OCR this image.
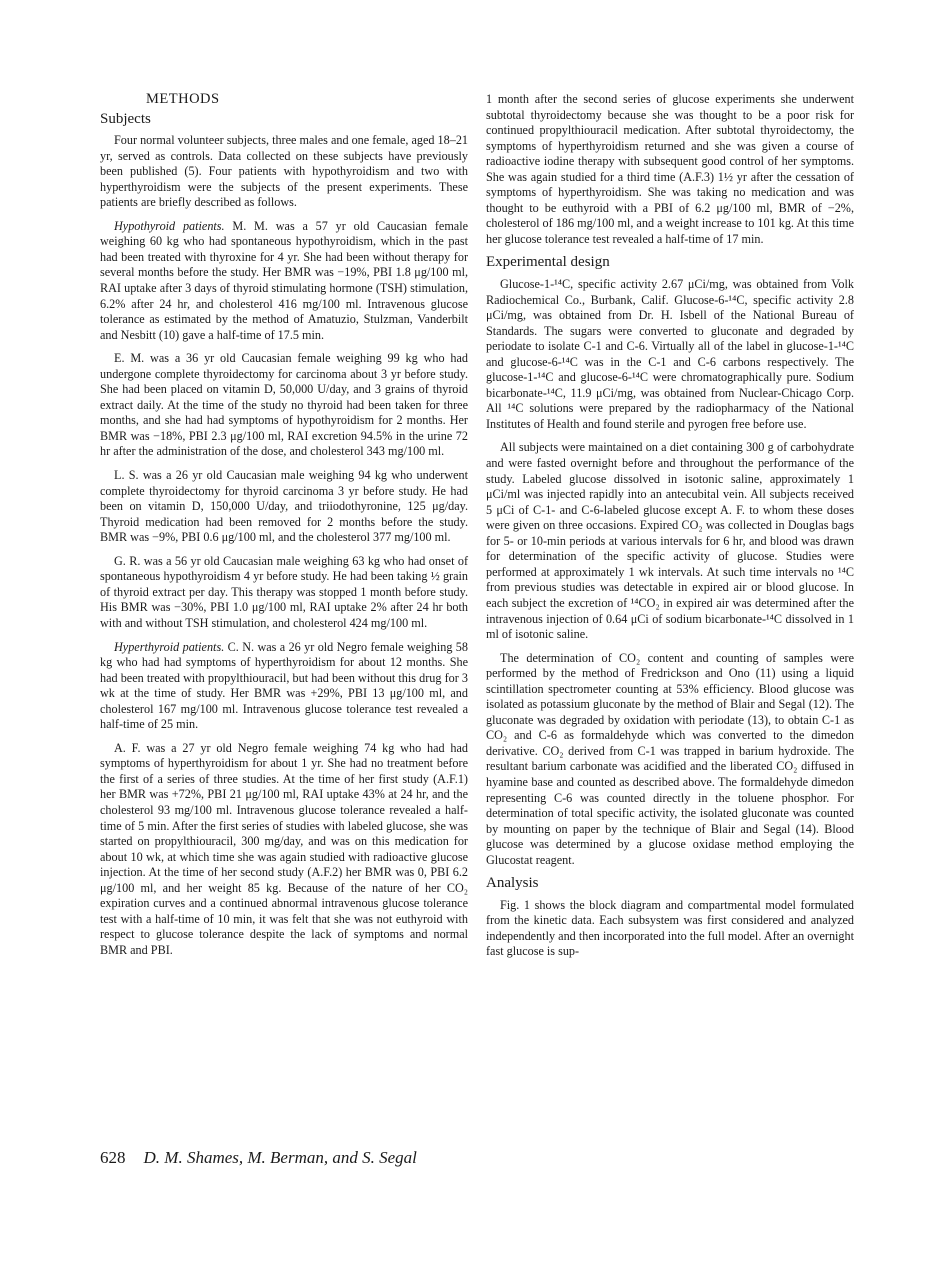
METHODS
Subjects

Four normal volunteer subjects, three males and one female, aged 18–21 yr, served as controls. Data collected on these subjects have previously been published (5). Four patients with hypothyroidism and two with hyperthyroidism were the subjects of the present experiments. These patients are briefly described as follows.

Hypothyroid patients. M. M. was a 57 yr old Caucasian female weighing 60 kg who had spontaneous hypothyroidism, which in the past had been treated with thyroxine for 4 yr. She had been without therapy for several months before the study. Her BMR was −19%, PBI 1.8 μg/100 ml, RAI uptake after 3 days of thyroid stimulating hormone (TSH) stimulation, 6.2% after 24 hr, and cholesterol 416 mg/100 ml. Intravenous glucose tolerance as estimated by the method of Amatuzio, Stulzman, Vanderbilt and Nesbitt (10) gave a half-time of 17.5 min.

E. M. was a 36 yr old Caucasian female weighing 99 kg who had undergone complete thyroidectomy for carcinoma about 3 yr before study. She had been placed on vitamin D, 50,000 U/day, and 3 grains of thyroid extract daily. At the time of the study no thyroid had been taken for three months, and she had had symptoms of hypothyroidism for 2 months. Her BMR was −18%, PBI 2.3 μg/100 ml, RAI excretion 94.5% in the urine 72 hr after the administration of the dose, and cholesterol 343 mg/100 ml.

L. S. was a 26 yr old Caucasian male weighing 94 kg who underwent complete thyroidectomy for thyroid carcinoma 3 yr before study. He had been on vitamin D, 150,000 U/day, and triiodothyronine, 125 μg/day. Thyroid medication had been removed for 2 months before the study. BMR was −9%, PBI 0.6 μg/100 ml, and the cholesterol 377 mg/100 ml.

G. R. was a 56 yr old Caucasian male weighing 63 kg who had onset of spontaneous hypothyroidism 4 yr before study. He had been taking ½ grain of thyroid extract per day. This therapy was stopped 1 month before study. His BMR was −30%, PBI 1.0 μg/100 ml, RAI uptake 2% after 24 hr both with and without TSH stimulation, and cholesterol 424 mg/100 ml.

Hyperthyroid patients. C. N. was a 26 yr old Negro female weighing 58 kg who had had symptoms of hyperthyroidism for about 12 months. She had been treated with propylthiouracil, but had been without this drug for 3 wk at the time of study. Her BMR was +29%, PBI 13 μg/100 ml, and cholesterol 167 mg/100 ml. Intravenous glucose tolerance test revealed a half-time of 25 min.

A. F. was a 27 yr old Negro female weighing 74 kg who had had symptoms of hyperthyroidism for about 1 yr. She had no treatment before the first of a series of three studies. At the time of her first study (A.F.1) her BMR was +72%, PBI 21 μg/100 ml, RAI uptake 43% at 24 hr, and the cholesterol 93 mg/100 ml. Intravenous glucose tolerance revealed a half-time of 5 min. After the first series of studies with labeled glucose, she was started on propylthiouracil, 300 mg/day, and was on this medication for about 10 wk, at which time she was again studied with radioactive glucose injection. At the time of her second study (A.F.2) her BMR was 0, PBI 6.2 μg/100 ml, and her weight 85 kg. Because of the nature of her CO₂ expiration curves and a continued abnormal intravenous glucose tolerance test with a half-time of 10 min, it was felt that she was not euthyroid with respect to glucose tolerance despite the lack of symptoms and normal BMR and PBI.

1 month after the second series of glucose experiments she underwent subtotal thyroidectomy because she was thought to be a poor risk for continued propylthiouracil medication. After subtotal thyroidectomy, the symptoms of hyperthyroidism returned and she was given a course of radioactive iodine therapy with subsequent good control of her symptoms. She was again studied for a third time (A.F.3) 1½ yr after the cessation of symptoms of hyperthyroidism. She was taking no medication and was thought to be euthyroid with a PBI of 6.2 μg/100 ml, BMR of −2%, cholesterol of 186 mg/100 ml, and a weight increase to 101 kg. At this time her glucose tolerance test revealed a half-time of 17 min.

Experimental design

Glucose-1-¹⁴C, specific activity 2.67 μCi/mg, was obtained from Volk Radiochemical Co., Burbank, Calif. Glucose-6-¹⁴C, specific activity 2.8 μCi/mg, was obtained from Dr. H. Isbell of the National Bureau of Standards. The sugars were converted to gluconate and degraded by periodate to isolate C-1 and C-6. Virtually all of the label in glucose-1-¹⁴C and glucose-6-¹⁴C was in the C-1 and C-6 carbons respectively. The glucose-1-¹⁴C and glucose-6-¹⁴C were chromatographically pure. Sodium bicarbonate-¹⁴C, 11.9 μCi/mg, was obtained from Nuclear-Chicago Corp. All ¹⁴C solutions were prepared by the radiopharmacy of the National Institutes of Health and found sterile and pyrogen free before use.

All subjects were maintained on a diet containing 300 g of carbohydrate and were fasted overnight before and throughout the performance of the study. Labeled glucose dissolved in isotonic saline, approximately 1 μCi/ml was injected rapidly into an antecubital vein. All subjects received 5 μCi of C-1- and C-6-labeled glucose except A. F. to whom these doses were given on three occasions. Expired CO₂ was collected in Douglas bags for 5- or 10-min periods at various intervals for 6 hr, and blood was drawn for determination of the specific activity of glucose. Studies were performed at approximately 1 wk intervals. At such time intervals no ¹⁴C from previous studies was detectable in expired air or blood glucose. In each subject the excretion of ¹⁴CO₂ in expired air was determined after the intravenous injection of 0.64 μCi of sodium bicarbonate-¹⁴C dissolved in 1 ml of isotonic saline.

The determination of CO₂ content and counting of samples were performed by the method of Fredrickson and Ono (11) using a liquid scintillation spectrometer counting at 53% efficiency. Blood glucose was isolated as potassium gluconate by the method of Blair and Segal (12). The gluconate was degraded by oxidation with periodate (13), to obtain C-1 as CO₂ and C-6 as formaldehyde which was converted to the dimedon derivative. CO₂ derived from C-1 was trapped in barium hydroxide. The resultant barium carbonate was acidified and the liberated CO₂ diffused in hyamine base and counted as described above. The formaldehyde dimedon representing C-6 was counted directly in the toluene phosphor. For determination of total specific activity, the isolated gluconate was counted by mounting on paper by the technique of Blair and Segal (14). Blood glucose was determined by a glucose oxidase method employing the Glucostat reagent.

Analysis

Fig. 1 shows the block diagram and compartmental model formulated from the kinetic data. Each subsystem was first considered and analyzed independently and then incorporated into the full model. After an overnight fast glucose is sup-

628 D. M. Shames, M. Berman, and S. Segal
